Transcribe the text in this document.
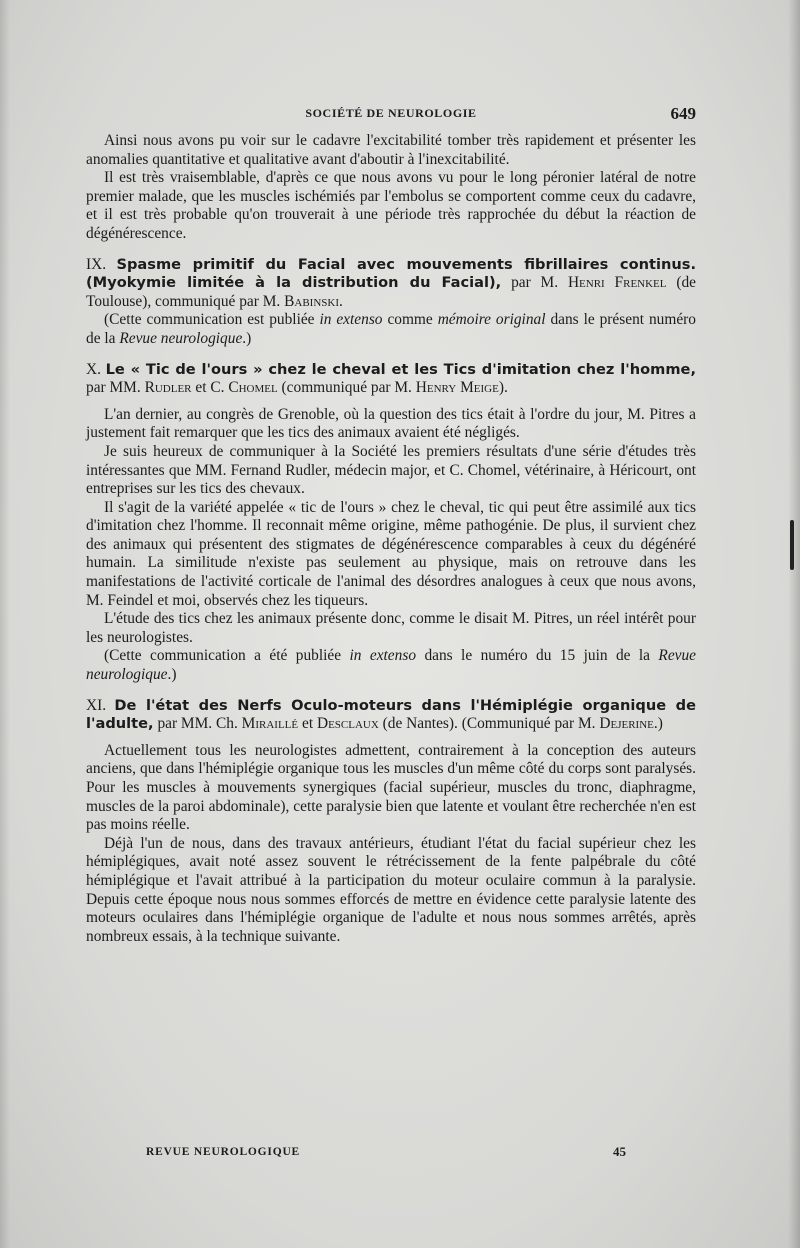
SOCIÉTÉ DE NEUROLOGIE	649

Ainsi nous avons pu voir sur le cadavre l'excitabilité tomber très rapidement et présenter les anomalies quantitative et qualitative avant d'aboutir à l'inexcitabilité.

Il est très vraisemblable, d'après ce que nous avons vu pour le long péronier latéral de notre premier malade, que les muscles ischémiés par l'embolus se comportent comme ceux du cadavre, et il est très probable qu'on trouverait à une période très rapprochée du début la réaction de dégénérescence.

IX. Spasme primitif du Facial avec mouvements fibrillaires continus. (Myokymie limitée à la distribution du Facial), par M. Henri Frenkel (de Toulouse), communiqué par M. Babinski.

(Cette communication est publiée in extenso comme mémoire original dans le présent numéro de la Revue neurologique.)

X. Le « Tic de l'ours » chez le cheval et les Tics d'imitation chez l'homme, par MM. Rudler et C. Chomel (communiqué par M. Henry Meige).

L'an dernier, au congrès de Grenoble, où la question des tics était à l'ordre du jour, M. Pitres a justement fait remarquer que les tics des animaux avaient été négligés.

Je suis heureux de communiquer à la Société les premiers résultats d'une série d'études très intéressantes que MM. Fernand Rudler, médecin major, et C. Chomel, vétérinaire, à Héricourt, ont entreprises sur les tics des chevaux.

Il s'agit de la variété appelée « tic de l'ours » chez le cheval, tic qui peut être assimilé aux tics d'imitation chez l'homme. Il reconnait même origine, même pathogénie. De plus, il survient chez des animaux qui présentent des stigmates de dégénérescence comparables à ceux du dégénéré humain. La similitude n'existe pas seulement au physique, mais on retrouve dans les manifestations de l'activité corticale de l'animal des désordres analogues à ceux que nous avons, M. Feindel et moi, observés chez les tiqueurs.

L'étude des tics chez les animaux présente donc, comme le disait M. Pitres, un réel intérêt pour les neurologistes.

(Cette communication a été publiée in extenso dans le numéro du 15 juin de la Revue neurologique.)

XI. De l'état des Nerfs Oculo-moteurs dans l'Hémiplégie organique de l'adulte, par MM. Ch. Miraillé et Desclaux (de Nantes). (Communiqué par M. Dejerine.)

Actuellement tous les neurologistes admettent, contrairement à la conception des auteurs anciens, que dans l'hémiplégie organique tous les muscles d'un même côté du corps sont paralysés. Pour les muscles à mouvements synergiques (facial supérieur, muscles du tronc, diaphragme, muscles de la paroi abdominale), cette paralysie bien que latente et voulant être recherchée n'en est pas moins réelle.

Déjà l'un de nous, dans des travaux antérieurs, étudiant l'état du facial supérieur chez les hémiplégiques, avait noté assez souvent le rétrécissement de la fente palpébrale du côté hémiplégique et l'avait attribué à la participation du moteur oculaire commun à la paralysie. Depuis cette époque nous nous sommes efforcés de mettre en évidence cette paralysie latente des moteurs oculaires dans l'hémiplégie organique de l'adulte et nous nous sommes arrêtés, après nombreux essais, à la technique suivante.

REVUE NEUROLOGIQUE	45
